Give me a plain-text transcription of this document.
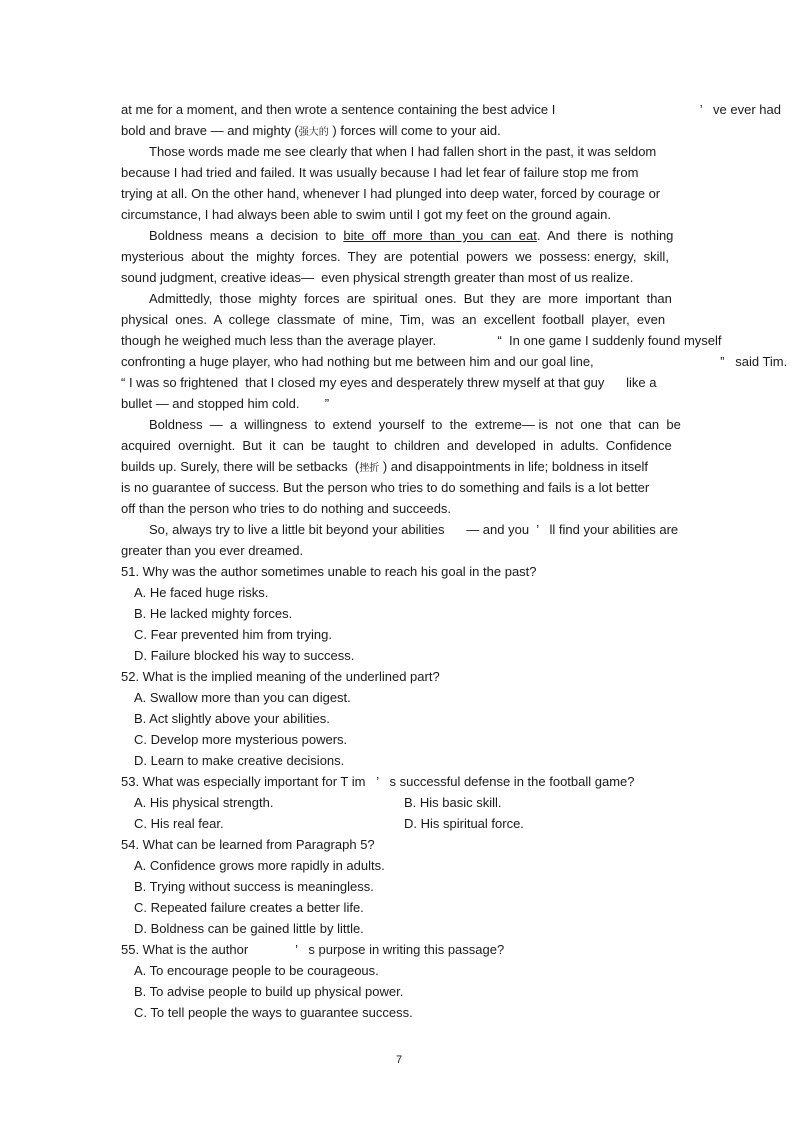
at me for a moment, and then wrote a sentence containing the best advice I                                        ’   ve ever had
bold and brave — and mighty (强大的 ) forces will come to your aid.
Those words made me see clearly that when I had fallen short in the past, it was seldom
because I had tried and failed. It was usually because I had let fear of failure stop me from
trying at all. On the other hand, whenever I had plunged into deep water, forced by courage or
circumstance, I had always been able to swim until I got my feet on the ground again.
Boldness  means  a  decision  to  bite  off  more  than  you  can  eat.  And  there  is  nothing
mysterious  about  the  mighty  forces.  They  are  potential  powers  we  possess: energy,  skill,
sound judgment, creative ideas—  even physical strength greater than most of us realize.
Admittedly,  those  mighty  forces  are  spiritual  ones.  But  they  are  more  important  than
physical  ones.  A  college  classmate  of  mine,  Tim,  was  an  excellent  football  player,  even
though he weighed much less than the average player.                 “  In one game I suddenly found myself
confronting a huge player, who had nothing but me between him and our goal line,                                   ”   said Tim.
“ I was so frightened  that I closed my eyes and desperately threw myself at that guy      like a
bullet — and stopped him cold.       ”
Boldness  —  a  willingness  to  extend  yourself  to  the  extreme— is  not  one  that  can  be
acquired  overnight.  But  it  can  be  taught  to  children  and  developed  in  adults.  Confidence
builds up. Surely, there will be setbacks  (挫折 ) and disappointments in life; boldness in itself
is no guarantee of success. But the person who tries to do something and fails is a lot better
off than the person who tries to do nothing and succeeds.
So, always try to live a little bit beyond your abilities      — and you  ’   ll find your abilities are
greater than you ever dreamed.
51. Why was the author sometimes unable to reach his goal in the past?
A. He faced huge risks.
B. He lacked mighty forces.
C. Fear prevented him from trying.
D. Failure blocked his way to success.
52. What is the implied meaning of the underlined part?
A. Swallow more than you can digest.
B. Act slightly above your abilities.
C. Develop more mysterious powers.
D. Learn to make creative decisions.
53. What was especially important for T im   ’   s successful defense in the football game?
A. His physical strength.	B. His basic skill.
C. His real fear.	D. His spiritual force.
54. What can be learned from Paragraph 5?
A. Confidence grows more rapidly in adults.
B. Trying without success is meaningless.
C. Repeated failure creates a better life.
D. Boldness can be gained little by little.
55. What is the author             ’   s purpose in writing this passage?
A. To encourage people to be courageous.
B. To advise people to build up physical power.
C. To tell people the ways to guarantee success.
7
